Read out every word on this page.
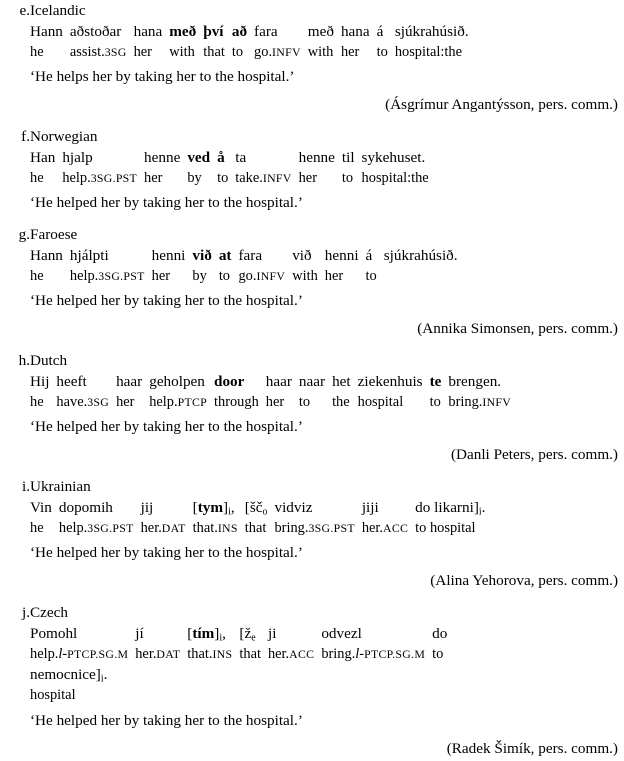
e. Icelandic
Hann	aðstoðar	hana	með	því	að	fara	með	hana	á	sjúkrahúsið.
he	assist.3SG	her	with	that	to	go.INFV	with	her	to	hospital:the
‘He helps her by taking her to the hospital.’
(Ásgrímur Angantýsson, pers. comm.)
f. Norwegian
Han	hjalp	henne	ved	å	ta	henne	til	sykehuset.
he	help.3SG.PST	her	by	to	take.INFV	her	to	hospital:the
‘He helped her by taking her to the hospital.’
g. Faroese
Hann	hjálpti	henni	við	at	fara	við	henni	á	sjúkrahúsið.
he	help.3SG.PST	her	by	to	go.INFV	with	her	to
‘He helped her by taking her to the hospital.’
(Annika Simonsen, pers. comm.)
h. Dutch
Hij	heeft	haar	geholpen	door	haar	naar	het	ziekenhuis	te	brengen.
he	have.3SG	her	help.PTCP	through	her	to	the	hospital	to	bring.INFV
‘He helped her by taking her to the hospital.’
(Danli Peters, pers. comm.)
i. Ukrainian
Vin	dopomih	jij	$[tym]_i$,	[$šč_o$	vidviz	jiji	do $likarni]_i$.
he	help.3SG.PST	her.DAT	that.INS	that	bring.3SG.PST	her.ACC	to hospital
‘He helped her by taking her to the hospital.’
(Alina Yehorova, pers. comm.)
j. Czech
Pomohl	jí	$[tím]_i$,	[$ž_e$	ji	odvezl	do
help.l-PTCP.SG.M	her.DAT	that.INS	that	her.ACC	bring.l-PTCP.SG.M	to
$nemocnice]_i$.
hospital
‘He helped her by taking her to the hospital.’
(Radek Šimík, pers. comm.)
